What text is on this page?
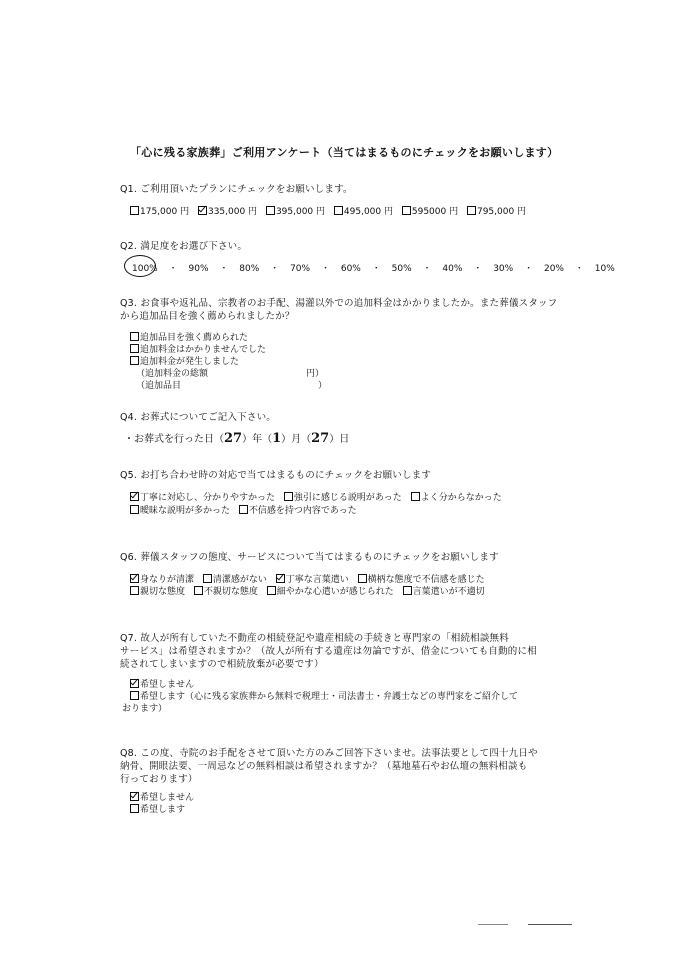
「心に残る家族葬」ご利用アンケート（当てはまるものにチェックをお願いします）
Q1. ご利用頂いたプランにチェックをお願いします。
175,000 円 335,000 円 395,000 円 495,000 円 595000 円 795,000 円
Q2. 満足度をお選び下さい。
100% ・ 90% ・ 80% ・ 70% ・ 60% ・ 50% ・ 40% ・ 30% ・ 20% ・ 10%
Q3. お食事や返礼品、宗教者のお手配、湯灌以外での追加料金はかかりましたか。また葬儀スタッフ
から追加品目を強く薦められましたか？
追加品目を強く薦められた
追加料金はかかりませんでした
追加料金が発生しました
（追加料金の総額	円）
（追加品目	）
Q4. お葬式についてご記入下さい。
・お葬式を行った日（27）年（1）月（27）日
Q5. お打ち合わせ時の対応で当てはまるものにチェックをお願いします
丁寧に対応し、分かりやすかった 強引に感じる説明があった よく分からなかった
曖昧な説明が多かった 不信感を持つ内容であった
Q6. 葬儀スタッフの態度、サービスについて当てはまるものにチェックをお願いします
身なりが清潔 清潔感がない 丁寧な言葉遣い 横柄な態度で不信感を感じた
親切な態度 不親切な態度 細やかな心遣いが感じられた 言葉遣いが不適切
Q7. 故人が所有していた不動産の相続登記や遺産相続の手続きと専門家の「相続相談無料
サービス」は希望されますか？（故人が所有する遺産は勿論ですが、借金についても自動的に相
続されてしまいますので相続放棄が必要です）
希望しません
希望します（心に残る家族葬から無料で税理士・司法書士・弁護士などの専門家をご紹介して
おります）
Q8. この度、寺院のお手配をさせて頂いた方のみご回答下さいませ。法事法要として四十九日や
納骨、開眼法要、一周忌などの無料相談は希望されますか？（墓地墓石やお仏壇の無料相談も
行っております）
希望しません
希望します
